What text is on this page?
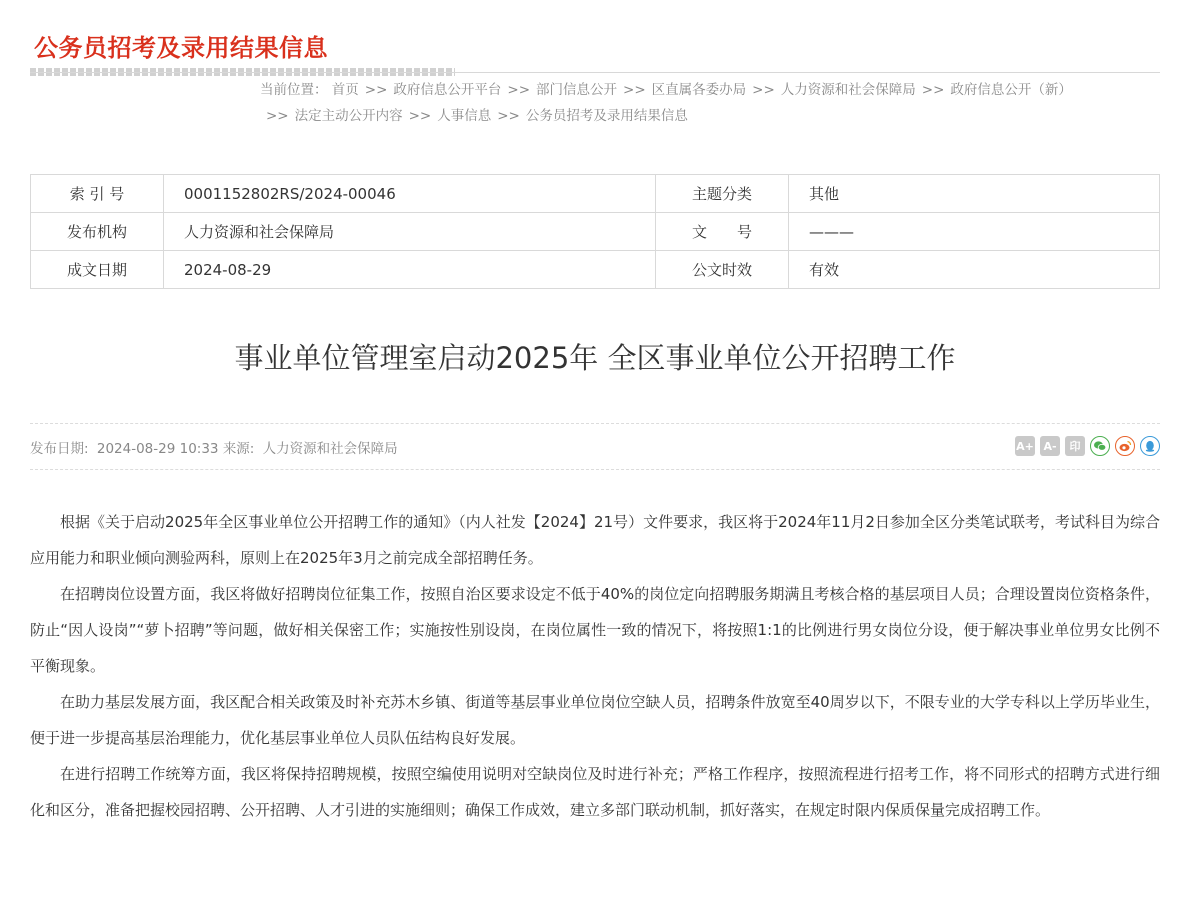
公务员招考及录用结果信息
当前位置： 首页 >> 政府信息公开平台 >> 部门信息公开 >> 区直属各委办局 >> 人力资源和社会保障局 >> 政府信息公开（新）>> 法定主动公开内容 >> 人事信息 >> 公务员招考及录用结果信息
索 引 号	0001152802RS/2024-00046	主题分类	其他
发布机构	人力资源和社会保障局	文　　号	———
成文日期	2024-08-29	公文时效	有效
事业单位管理室启动2025年 全区事业单位公开招聘工作
发布日期: 2024-08-29 10:33 来源: 人力资源和社会保障局	A+ A-	印

根据《关于启动2025年全区事业单位公开招聘工作的通知》（内人社发【2024】21号）文件要求，我区将于2024年11月2日参加全区分类笔试联考，考试科目为综合应用能力和职业倾向测验两科，原则上在2025年3月之前完成全部招聘任务。

在招聘岗位设置方面，我区将做好招聘岗位征集工作，按照自治区要求设定不低于40%的岗位定向招聘服务期满且考核合格的基层项目人员；合理设置岗位资格条件，防止“因人设岗”“萝卜招聘”等问题，做好相关保密工作；实施按性别设岗，在岗位属性一致的情况下，将按照1:1的比例进行男女岗位分设，便于解决事业单位男女比例不平衡现象。

在助力基层发展方面，我区配合相关政策及时补充苏木乡镇、街道等基层事业单位岗位空缺人员，招聘条件放宽至40周岁以下，不限专业的大学专科以上学历毕业生，便于进一步提高基层治理能力，优化基层事业单位人员队伍结构良好发展。

在进行招聘工作统筹方面，我区将保持招聘规模，按照空编使用说明对空缺岗位及时进行补充；严格工作程序，按照流程进行招考工作，将不同形式的招聘方式进行细化和区分，准备把握校园招聘、公开招聘、人才引进的实施细则；确保工作成效，建立多部门联动机制，抓好落实，在规定时限内保质保量完成招聘工作。
